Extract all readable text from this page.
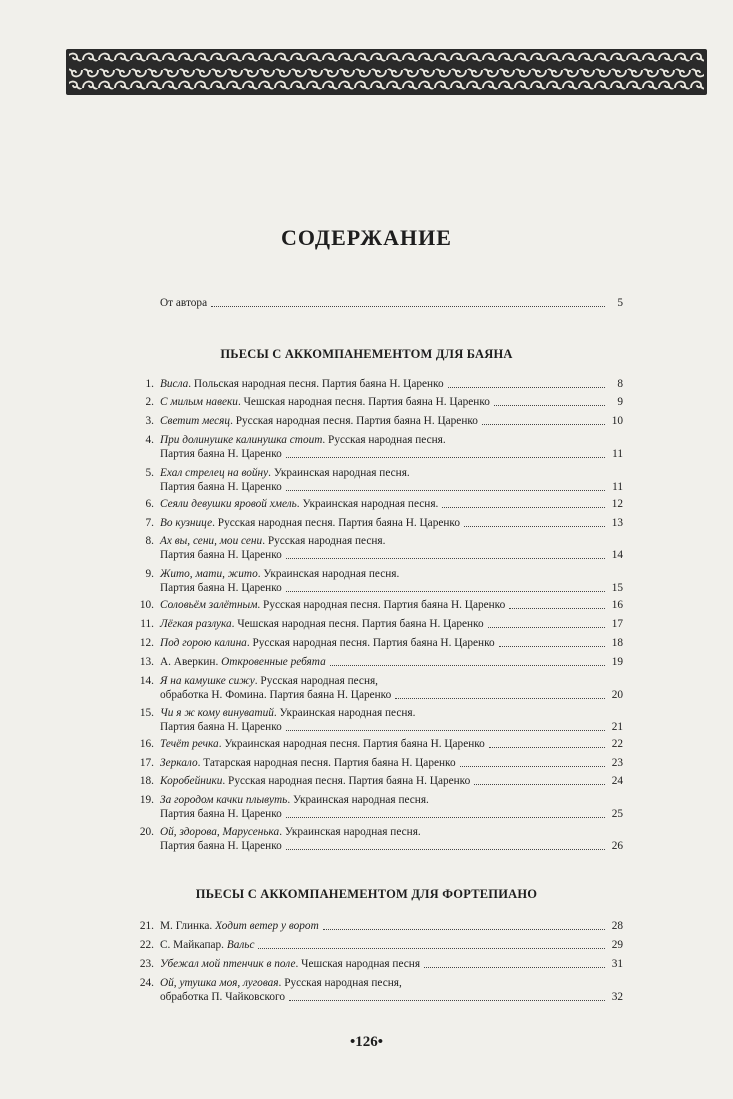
СОДЕРЖАНИЕ
От автора	5
ПЬЕСЫ С АККОМПАНЕМЕНТОМ ДЛЯ БАЯНА
ПЬЕСЫ С АККОМПАНЕМЕНТОМ ДЛЯ ФОРТЕПИАНО
1. Висла. Польская народная песня. Партия баяна Н. Царенко	8
2. С милым навеки. Чешская народная песня. Партия баяна Н. Царенко	9
3. Светит месяц. Русская народная песня. Партия баяна Н. Царенко	10
4. При долинушке калинушка стоит. Русская народная песня.
Партия баяна Н. Царенко	11
5. Ехал стрелец на войну. Украинская народная песня.
Партия баяна Н. Царенко	11
6. Сеяли девушки яровой хмель. Украинская народная песня.	12
7. Во кузнице. Русская народная песня. Партия баяна Н. Царенко	13
8. Ах вы, сени, мои сени. Русская народная песня.
Партия баяна Н. Царенко	14
9. Жито, мати, жито. Украинская народная песня.
Партия баяна Н. Царенко	15
10. Соловьём залётным. Русская народная песня. Партия баяна Н. Царенко	16
11. Лёгкая разлука. Чешская народная песня. Партия баяна Н. Царенко	17
12. Под горою калина. Русская народная песня. Партия баяна Н. Царенко	18
13. А. Аверкин. Откровенные ребята	19
14. Я на камушке сижу. Русская народная песня,
обработка Н. Фомина. Партия баяна Н. Царенко	20
15. Чи я ж кому винуватий. Украинская народная песня.
Партия баяна Н. Царенко	21
16. Течёт речка. Украинская народная песня. Партия баяна Н. Царенко	22
17. Зеркало. Татарская народная песня. Партия баяна Н. Царенко	23
18. Коробейники. Русская народная песня. Партия баяна Н. Царенко	24
19. За городом качки плывуть. Украинская народная песня.
Партия баяна Н. Царенко	25
20. Ой, здорова, Марусенька. Украинская народная песня.
Партия баяна Н. Царенко	26
21. М. Глинка. Ходит ветер у ворот	28
22. С. Майкапар. Вальс	29
23. Убежал мой птенчик в поле. Чешская народная песня	31
24. Ой, утушка моя, луговая. Русская народная песня,
обработка П. Чайковского	32
•126•
